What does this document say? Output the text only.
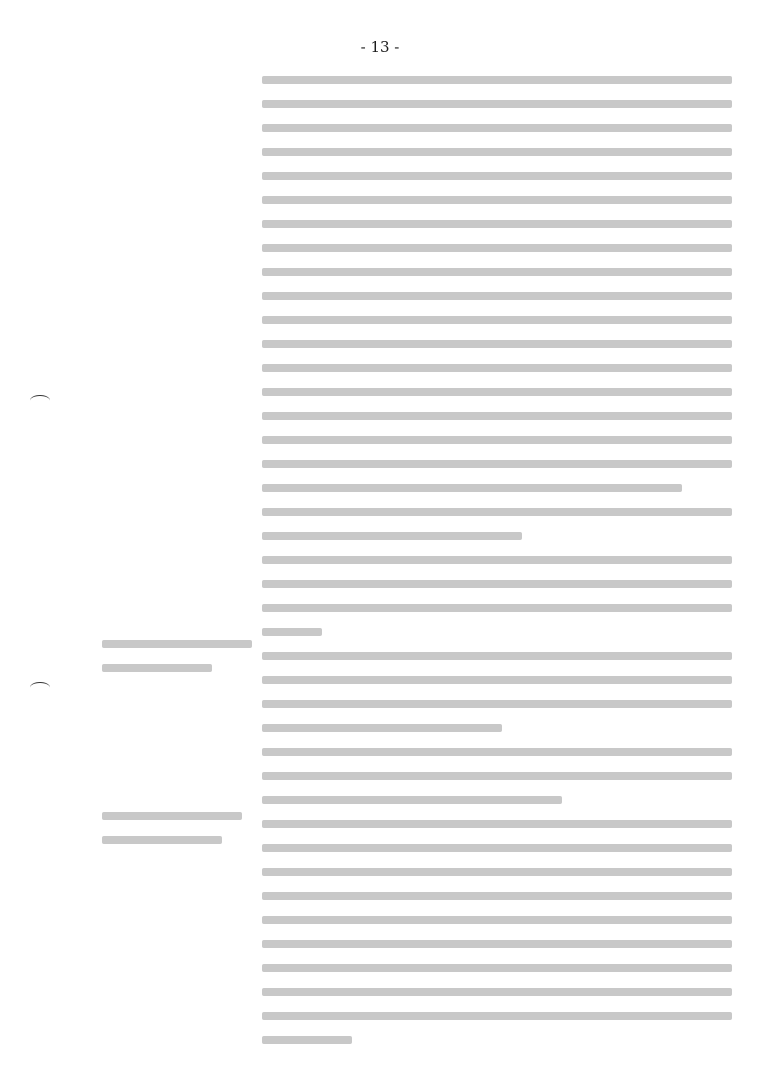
- 13 -
